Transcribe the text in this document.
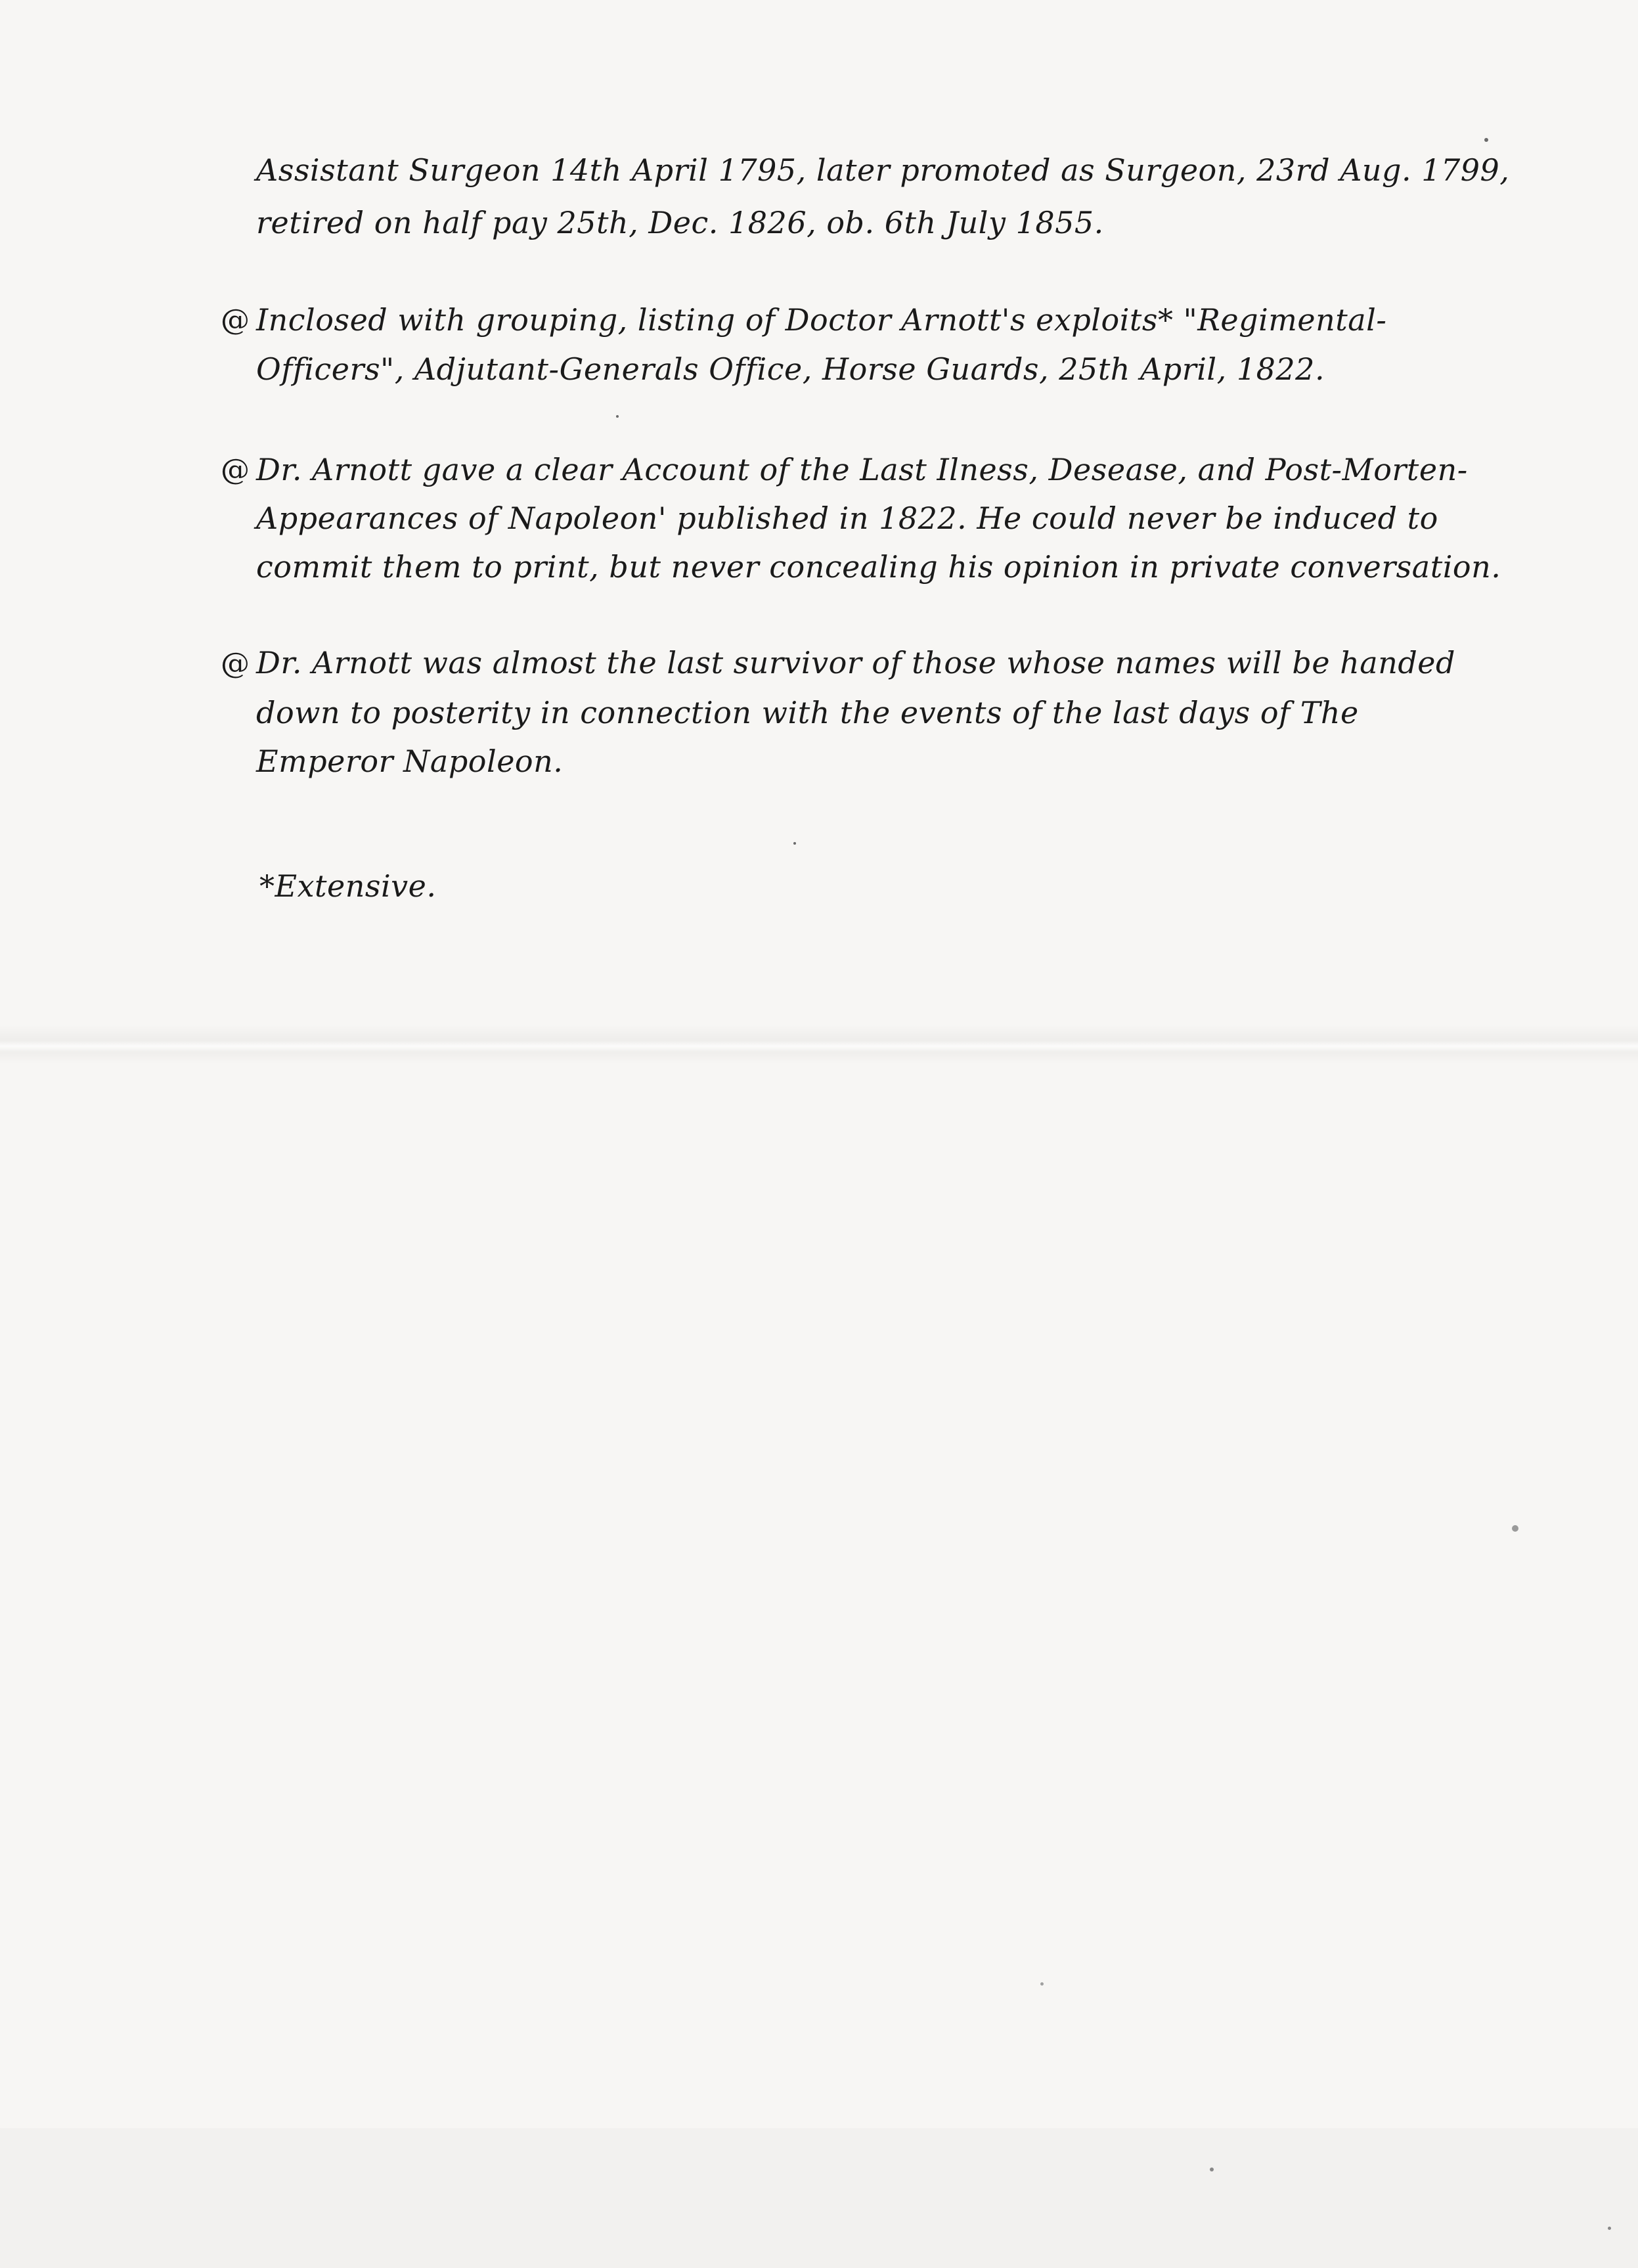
Assistant Surgeon 14th April 1795, later promoted as Surgeon, 23rd Aug. 1799,
retired on half pay 25th, Dec. 1826, ob. 6th July 1855.
@ Inclosed with grouping, listing of Doctor Arnott's exploits* "Regimental-
Officers", Adjutant-Generals Office, Horse Guards, 25th April, 1822.
@ Dr. Arnott gave a clear Account of the Last Ilness, Desease, and Post-Morten-
Appearances of Napoleon' published in 1822. He could never be induced to
commit them to print, but never concealing his opinion in private conversation.
@ Dr. Arnott was almost the last survivor of those whose names will be handed
down to posterity in connection with the events of the last days of The
Emperor Napoleon.
*Extensive.
